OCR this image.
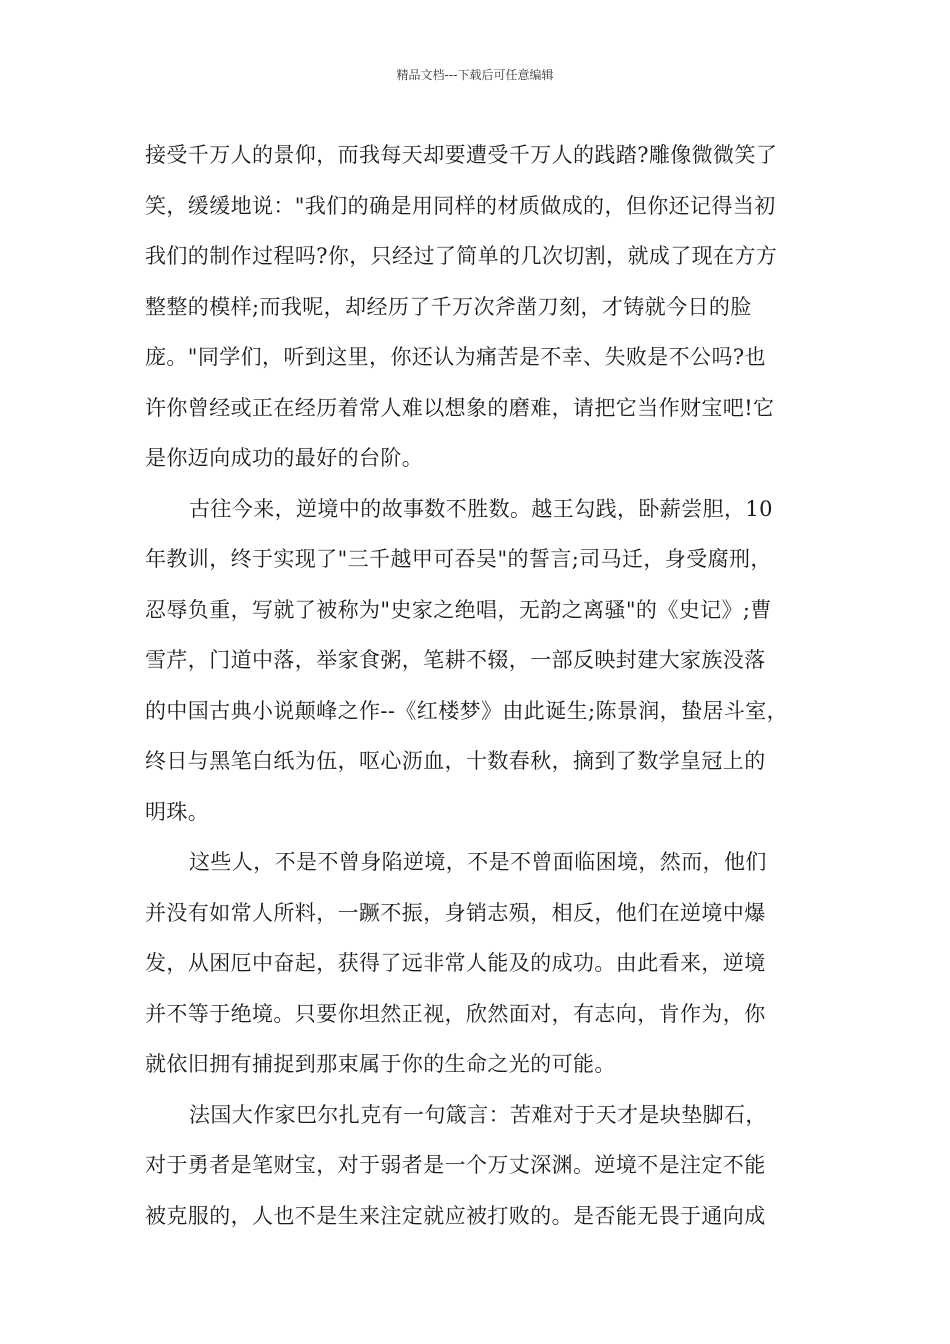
精品文档---下载后可任意编辑
接受千万人的景仰，而我每天却要遭受千万人的践踏?雕像微微笑了
笑，缓缓地说："我们的确是用同样的材质做成的，但你还记得当初
我们的制作过程吗?你，只经过了简单的几次切割，就成了现在方方
整整的模样;而我呢，却经历了千万次斧凿刀刻，才铸就今日的脸
庞。"同学们，听到这里，你还认为痛苦是不幸、失败是不公吗?也
许你曾经或正在经历着常人难以想象的磨难，请把它当作财宝吧!它
是你迈向成功的最好的台阶。
古往今来，逆境中的故事数不胜数。越王勾践，卧薪尝胆，10
年教训，终于实现了"三千越甲可吞吴"的誓言;司马迁，身受腐刑，
忍辱负重，写就了被称为"史家之绝唱，无韵之离骚"的《史记》;曹
雪芹，门道中落，举家食粥，笔耕不辍，一部反映封建大家族没落
的中国古典小说颠峰之作--《红楼梦》由此诞生;陈景润，蛰居斗室，
终日与黑笔白纸为伍，呕心沥血，十数春秋，摘到了数学皇冠上的
明珠。
这些人，不是不曾身陷逆境，不是不曾面临困境，然而，他们
并没有如常人所料，一蹶不振，身销志殒，相反，他们在逆境中爆
发，从困厄中奋起，获得了远非常人能及的成功。由此看来，逆境
并不等于绝境。只要你坦然正视，欣然面对，有志向，肯作为，你
就依旧拥有捕捉到那束属于你的生命之光的可能。
法国大作家巴尔扎克有一句箴言：苦难对于天才是块垫脚石，
对于勇者是笔财宝，对于弱者是一个万丈深渊。逆境不是注定不能
被克服的，人也不是生来注定就应被打败的。是否能无畏于通向成
